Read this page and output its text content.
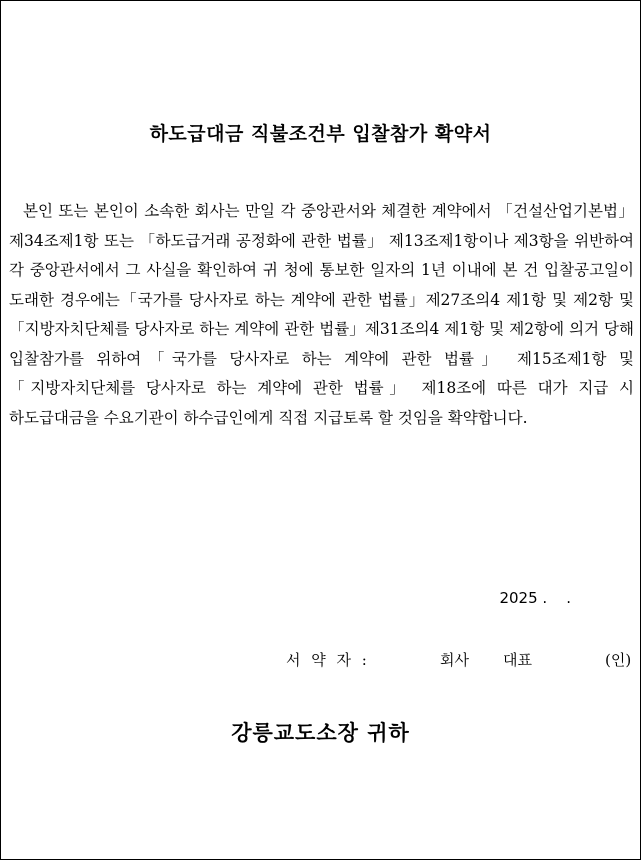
하도급대금 직불조건부 입찰참가 확약서
본인 또는 본인이 소속한 회사는 만일 각 중앙관서와 체결한 계약에서 「건설산업기본법」제34조제1항 또는 「하도급거래 공정화에 관한 법률」 제13조제1항이나 제3항을 위반하여 각 중앙관서에서 그 사실을 확인하여 귀 청에 통보한 일자의 1년 이내에 본 건 입찰공고일이 도래한 경우에는「국가를 당사자로 하는 계약에 관한 법률」제27조의4 제1항 및 제2항 및「지방자치단체를 당사자로 하는 계약에 관한 법률」제31조의4 제1항 및 제2항에 의거 당해 입찰참가를 위하여「국가를 당사자로 하는 계약에 관한 법률」 제15조제1항 및「지방자치단체를 당사자로 하는 계약에 관한 법률」 제18조에 따른 대가 지급 시 하도급대금을 수요기관이 하수급인에게 직접 지급토록 할 것임을 확약합니다.
2025 .    .
서 약 자 :	회사 대표	(인)
강릉교도소장 귀하
